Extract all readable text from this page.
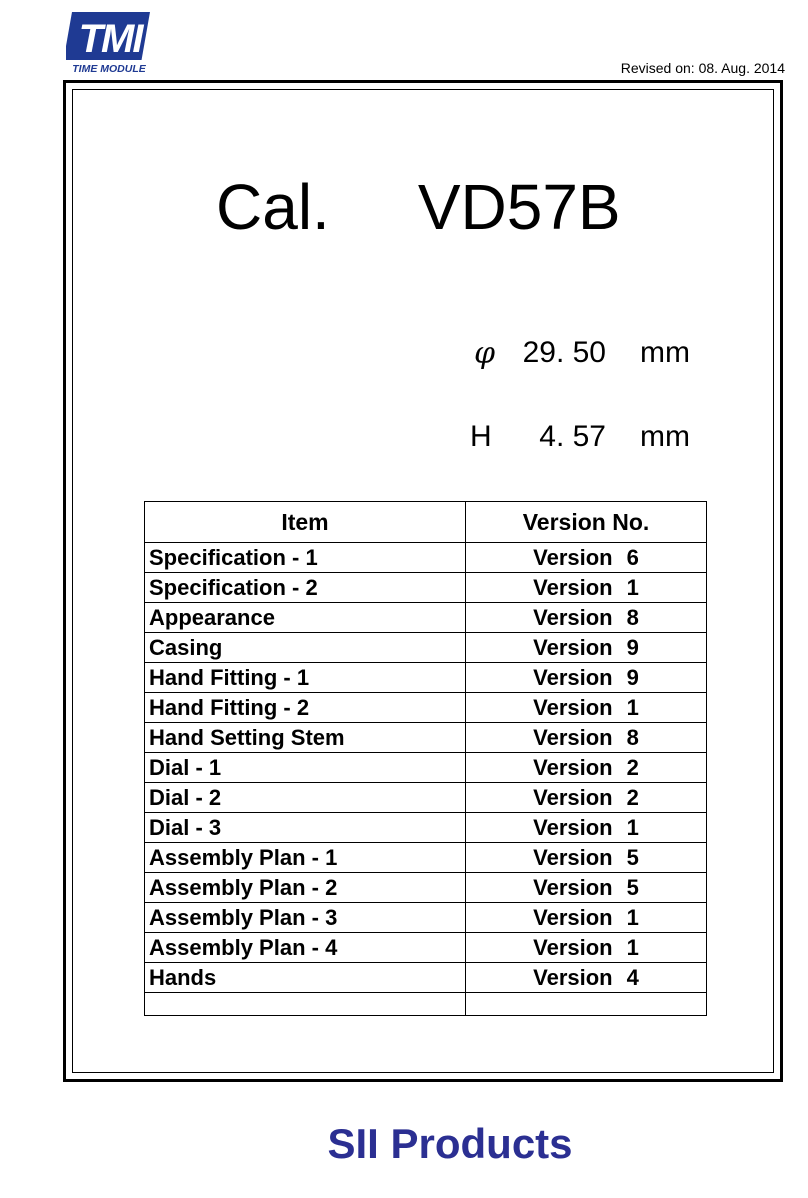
TMI
TIME MODULE	Revised on: 08. Aug. 2014
Cal. VD57B
φ 29. 50 mm
H	4. 57 mm
Item	Version No.
Specification - 1	Version 6
Specification - 2	Version 1
Appearance	Version 8
Casing	Version 9
Hand Fitting - 1	Version 9
Hand Fitting - 2	Version 1
Hand Setting Stem	Version 8
Dial - 1	Version 2
Dial - 2	Version 2
Dial - 3	Version 1
Assembly Plan - 1	Version 5
Assembly Plan - 2	Version 5
Assembly Plan - 3	Version 1
Assembly Plan - 4	Version 1
Hands	Version 4

SII Products
